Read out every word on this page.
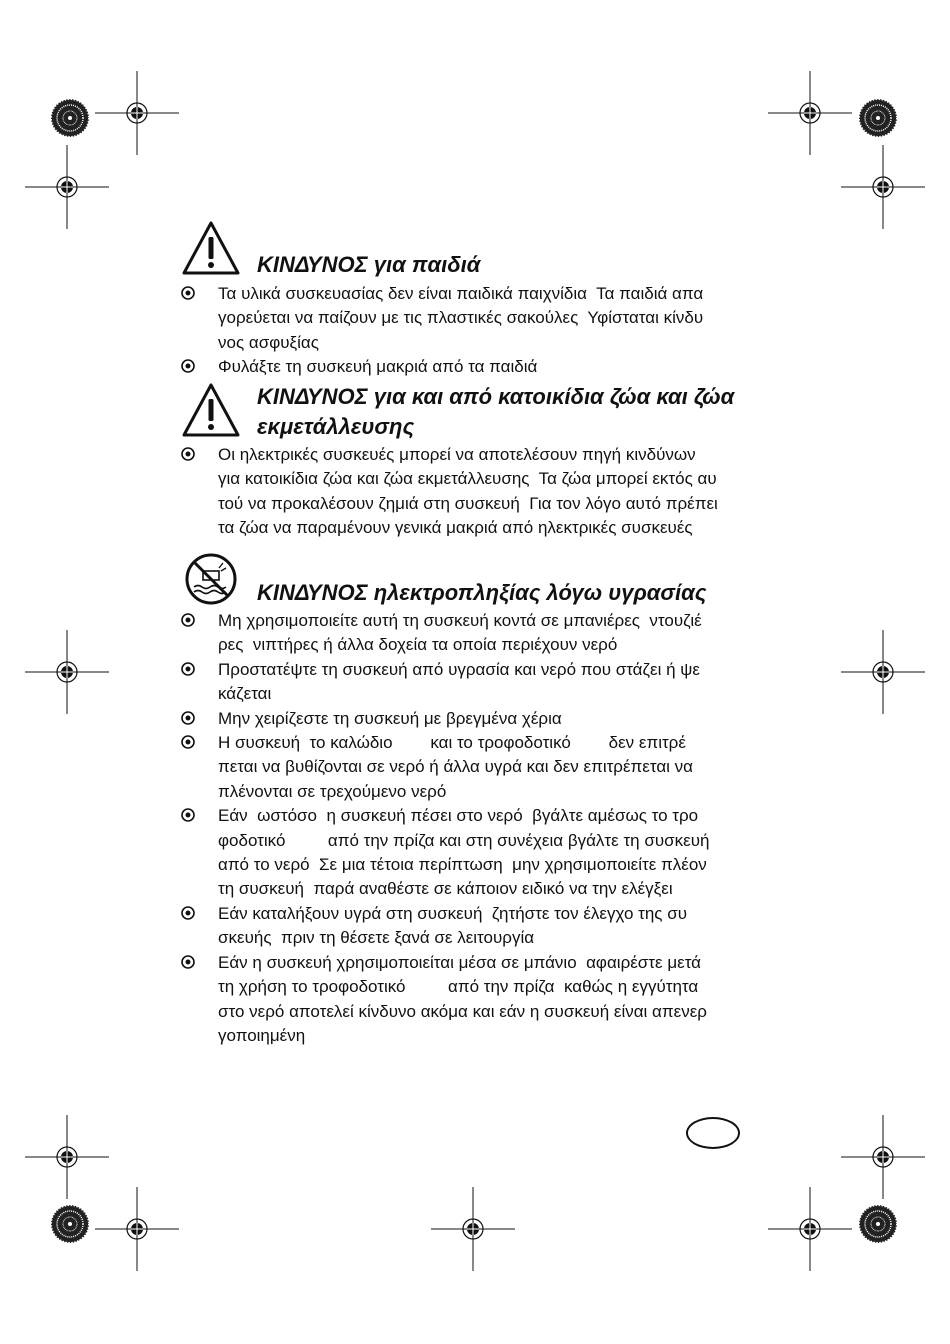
ΚΙΝΔΥΝΟΣ για παιδιά
Τα υλικά συσκευασίας δεν είναι παιδικά παιχνίδια  Τα παιδιά απα
γορεύεται να παίζουν με τις πλαστικές σακούλες  Υφίσταται κίνδυ
νος ασφυξίας
Φυλάξτε τη συσκευή μακριά από τα παιδιά
ΚΙΝΔΥΝΟΣ για και από κατοικίδια ζώα και ζώα
εκμετάλλευσης
Οι ηλεκτρικές συσκευές μπορεί να αποτελέσουν πηγή κινδύνων
για κατοικίδια ζώα και ζώα εκμετάλλευσης  Τα ζώα μπορεί εκτός αυ
τού να προκαλέσουν ζημιά στη συσκευή  Για τον λόγο αυτό πρέπει
τα ζώα να παραμένουν γενικά μακριά από ηλεκτρικές συσκευές
ΚΙΝΔΥΝΟΣ ηλεκτροπληξίας λόγω υγρασίας
Μη χρησιμοποιείτε αυτή τη συσκευή κοντά σε μπανιέρες  ντουζιέ
ρες  νιπτήρες ή άλλα δοχεία τα οποία περιέχουν νερό
Προστατέψτε τη συσκευή από υγρασία και νερό που στάζει ή ψε
κάζεται
Μην χειρίζεστε τη συσκευή με βρεγμένα χέρια
Η συσκευή  το καλώδιο        και το τροφοδοτικό        δεν επιτρέ
πεται να βυθίζονται σε νερό ή άλλα υγρά και δεν επιτρέπεται να
πλένονται σε τρεχούμενο νερό
Εάν  ωστόσο  η συσκευή πέσει στο νερό  βγάλτε αμέσως το τρο
φοδοτικό         από την πρίζα και στη συνέχεια βγάλτε τη συσκευή
από το νερό  Σε μια τέτοια περίπτωση  μην χρησιμοποιείτε πλέον
τη συσκευή  παρά αναθέστε σε κάποιον ειδικό να την ελέγξει
Εάν καταλήξουν υγρά στη συσκευή  ζητήστε τον έλεγχο της συ
σκευής  πριν τη θέσετε ξανά σε λειτουργία
Εάν η συσκευή χρησιμοποιείται μέσα σε μπάνιο  αφαιρέστε μετά
τη χρήση το τροφοδοτικό         από την πρίζα  καθώς η εγγύτητα
στο νερό αποτελεί κίνδυνο ακόμα και εάν η συσκευή είναι απενερ
γοποιημένη
